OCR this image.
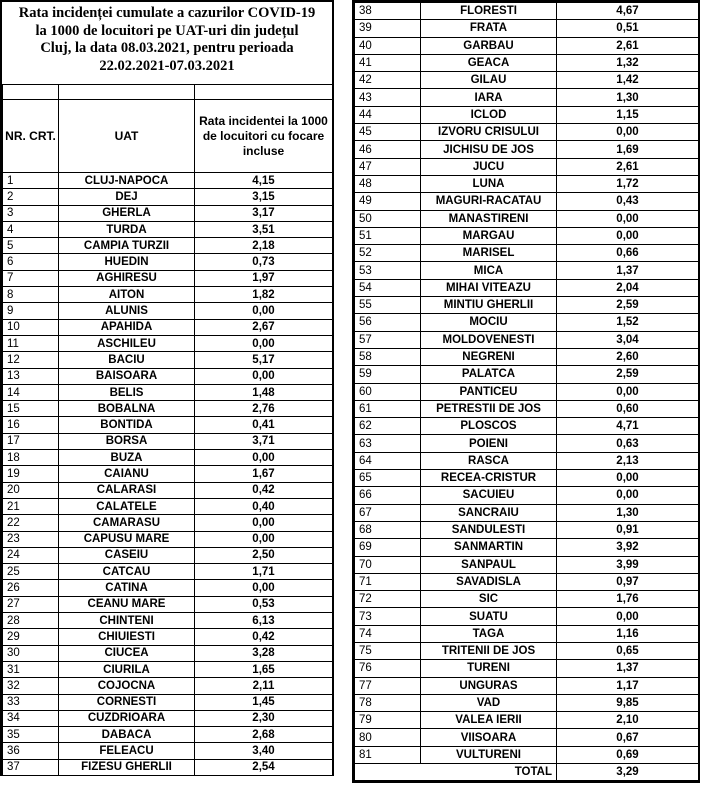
Rata incidenței cumulate a cazurilor COVID-19
la 1000 de locuitori pe UAT-uri din județul
Cluj, la data 08.03.2021, pentru perioada
22.02.2021-07.03.2021

NR. CRT.	UAT	Rata incidentei la 1000 de locuitori cu focare incluse
1	CLUJ-NAPOCA	4,15
2	DEJ	3,15
3	GHERLA	3,17
4	TURDA	3,51
5	CAMPIA TURZII	2,18
6	HUEDIN	0,73
7	AGHIRESU	1,97
8	AITON	1,82
9	ALUNIS	0,00
10	APAHIDA	2,67
11	ASCHILEU	0,00
12	BACIU	5,17
13	BAISOARA	0,00
14	BELIS	1,48
15	BOBALNA	2,76
16	BONTIDA	0,41
17	BORSA	3,71
18	BUZA	0,00
19	CAIANU	1,67
20	CALARASI	0,42
21	CALATELE	0,40
22	CAMARASU	0,00
23	CAPUSU MARE	0,00
24	CASEIU	2,50
25	CATCAU	1,71
26	CATINA	0,00
27	CEANU MARE	0,53
28	CHINTENI	6,13
29	CHIUIESTI	0,42
30	CIUCEA	3,28
31	CIURILA	1,65
32	COJOCNA	2,11
33	CORNESTI	1,45
34	CUZDRIOARA	2,30
35	DABACA	2,68
36	FELEACU	3,40
37	FIZESU GHERLII	2,54
38	FLORESTI	4,67
39	FRATA	0,51
40	GARBAU	2,61
41	GEACA	1,32
42	GILAU	1,42
43	IARA	1,30
44	ICLOD	1,15
45	IZVORU CRISULUI	0,00
46	JICHISU DE JOS	1,69
47	JUCU	2,61
48	LUNA	1,72
49	MAGURI-RACATAU	0,43
50	MANASTIRENI	0,00
51	MARGAU	0,00
52	MARISEL	0,66
53	MICA	1,37
54	MIHAI VITEAZU	2,04
55	MINTIU GHERLII	2,59
56	MOCIU	1,52
57	MOLDOVENESTI	3,04
58	NEGRENI	2,60
59	PALATCA	2,59
60	PANTICEU	0,00
61	PETRESTII DE JOS	0,60
62	PLOSCOS	4,71
63	POIENI	0,63
64	RASCA	2,13
65	RECEA-CRISTUR	0,00
66	SACUIEU	0,00
67	SANCRAIU	1,30
68	SANDULESTI	0,91
69	SANMARTIN	3,92
70	SANPAUL	3,99
71	SAVADISLA	0,97
72	SIC	1,76
73	SUATU	0,00
74	TAGA	1,16
75	TRITENII DE JOS	0,65
76	TURENI	1,37
77	UNGURAS	1,17
78	VAD	9,85
79	VALEA IERII	2,10
80	VIISOARA	0,67
81	VULTURENI	0,69
TOTAL		3,29
